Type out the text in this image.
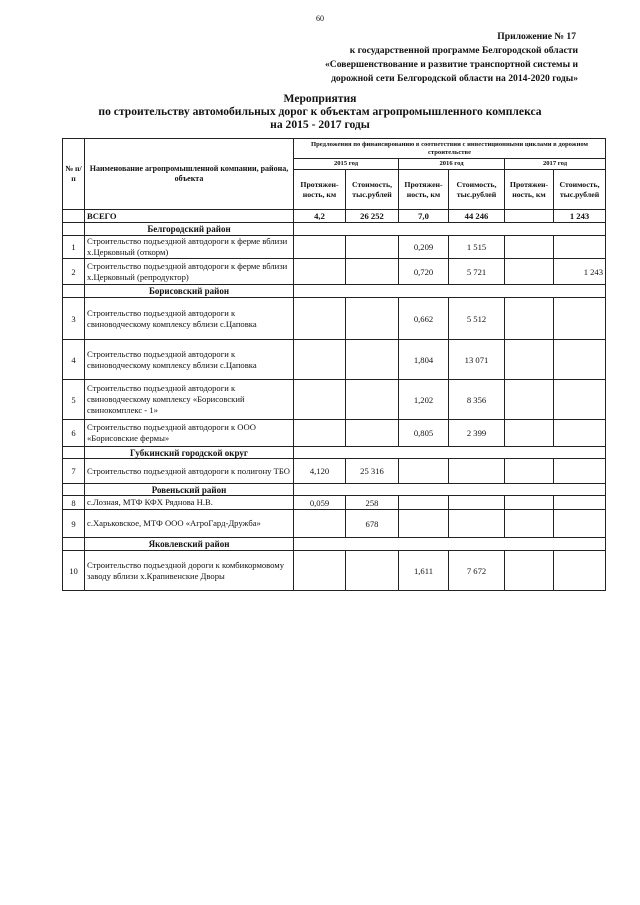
60
Приложение № 17
к государственной программе Белгородской области
«Совершенствование и развитие транспортной системы и
дорожной сети Белгородской области на 2014-2020 годы»
Мероприятия
по строительству автомобильных дорог к объектам агропромышленного комплекса
на 2015 - 2017 годы
№ п/п	Наименование агропромышленной компании, района, объекта	Предложения по финансированию в соответствии с инвестиционными циклами в дорожном строительстве					
		2015 год		2016 год		2017 год	
		Протяжен-ность, км	Стоимость, тыс.рублей	Протяжен-ность, км	Стоимость, тыс.рублей	Протяжен-ность, км	Стоимость, тыс.рублей
	ВСЕГО	4,2	26 252	7,0	44 246		1 243
	Белгородский район						
1	Строительство подъездной автодороги к ферме вблизи х.Церковный (откорм)			0,209	1 515		
2	Строительство подъездной автодороги к ферме вблизи х.Церковный (репродуктор)			0,720	5 721		1 243
	Борисовский район						
3	Строительство подъездной автодороги к свиноводческому комплексу вблизи с.Цаповка			0,662	5 512		
4	Строительство подъездной автодороги к свиноводческому комплексу вблизи с.Цаповка			1,804	13 071		
5	Строительство подъездной автодороги к свиноводческому комплексу «Борисовский свинокомплекс - 1»			1,202	8 356		
6	Строительство подъездной автодороги к ООО «Борисовские фермы»			0,805	2 399		
	Губкинский городской округ						
7	Строительство подъездной автодороги к полигону ТБО	4,120	25 316				
	Ровеньский район						
8	с.Лозная, МТФ КФХ Ряднова Н.В.	0,059	258				
9	с.Харьковское, МТФ ООО «АгроГард-Дружба»		678				
	Яковлевский район						
10	Строительство подъездной дороги к комбикормовому заводу вблизи х.Крапивенские Дворы			1,611	7 672		
